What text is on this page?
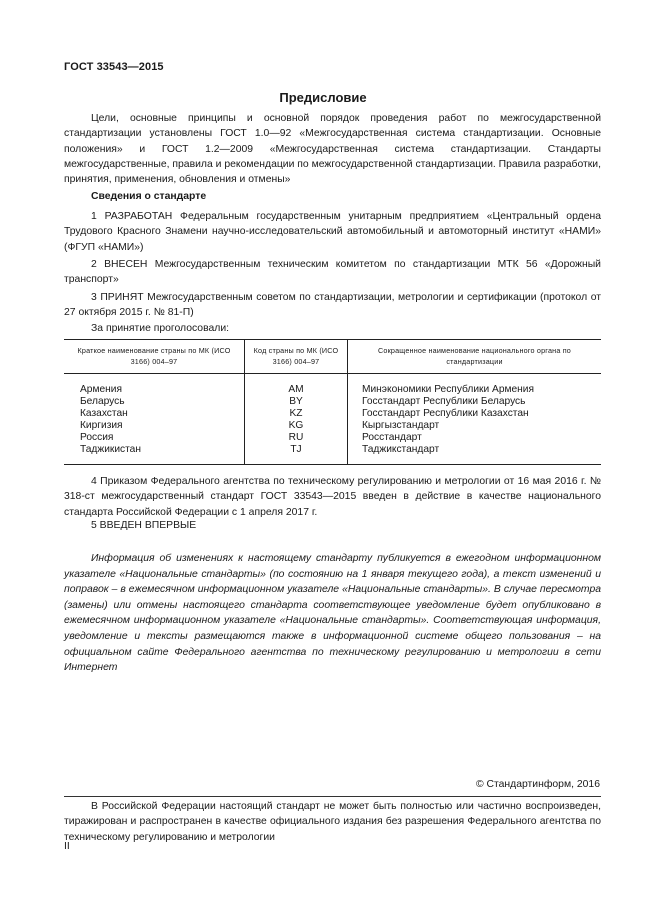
ГОСТ 33543—2015
Предисловие

Цели, основные принципы и основной порядок проведения работ по межгосударственной стандартизации установлены ГОСТ 1.0—92 «Межгосударственная система стандартизации. Основные положения» и ГОСТ 1.2—2009 «Межгосударственная система стандартизации. Стандарты межгосударственные, правила и рекомендации по межгосударственной стандартизации. Правила разработки, принятия, применения, обновления и отмены»

Сведения о стандарте

1 РАЗРАБОТАН Федеральным государственным унитарным предприятием «Центральный ордена Трудового Красного Знамени научно-исследовательский автомобильный и автомоторный институт «НАМИ» (ФГУП «НАМИ»)

2 ВНЕСЕН Межгосударственным техническим комитетом по стандартизации МТК 56 «Дорожный транспорт»

3 ПРИНЯТ Межгосударственным советом по стандартизации, метрологии и сертификации (протокол от 27 октября 2015 г. № 81-П)

За принятие проголосовали:
Краткое наименование страны по МК (ИСО 3166) 004–97	Код страны по МК (ИСО 3166) 004–97	Сокращенное наименование национального органа по стандартизации
Армения	AM	Минэкономики Республики Армения
Беларусь	BY	Госстандарт Республики Беларусь
Казахстан	KZ	Госстандарт Республики Казахстан
Киргизия	KG	Кыргызстандарт
Россия	RU	Росстандарт
Таджикистан	TJ	Таджикстандарт

4 Приказом Федерального агентства по техническому регулированию и метрологии от 16 мая 2016 г. № 318-ст межгосударственный стандарт ГОСТ 33543—2015 введен в действие в качестве национального стандарта Российской Федерации с 1 апреля 2017 г.

5 ВВЕДЕН ВПЕРВЫЕ

Информация об изменениях к настоящему стандарту публикуется в ежегодном информационном указателе «Национальные стандарты» (по состоянию на 1 января текущего года), а текст изменений и поправок – в ежемесячном информационном указателе «Национальные стандарты». В случае пересмотра (замены) или отмены настоящего стандарта соответствующее уведомление будет опубликовано в ежемесячном информационном указателе «Национальные стандарты». Соответствующая информация, уведомление и тексты размещаются также в информационной системе общего пользования – на официальном сайте Федерального агентства по техническому регулированию и метрологии в сети Интернет

© Стандартинформ, 2016

В Российской Федерации настоящий стандарт не может быть полностью или частично воспроизведен, тиражирован и распространен в качестве официального издания без разрешения Федерального агентства по техническому регулированию и метрологии

II
